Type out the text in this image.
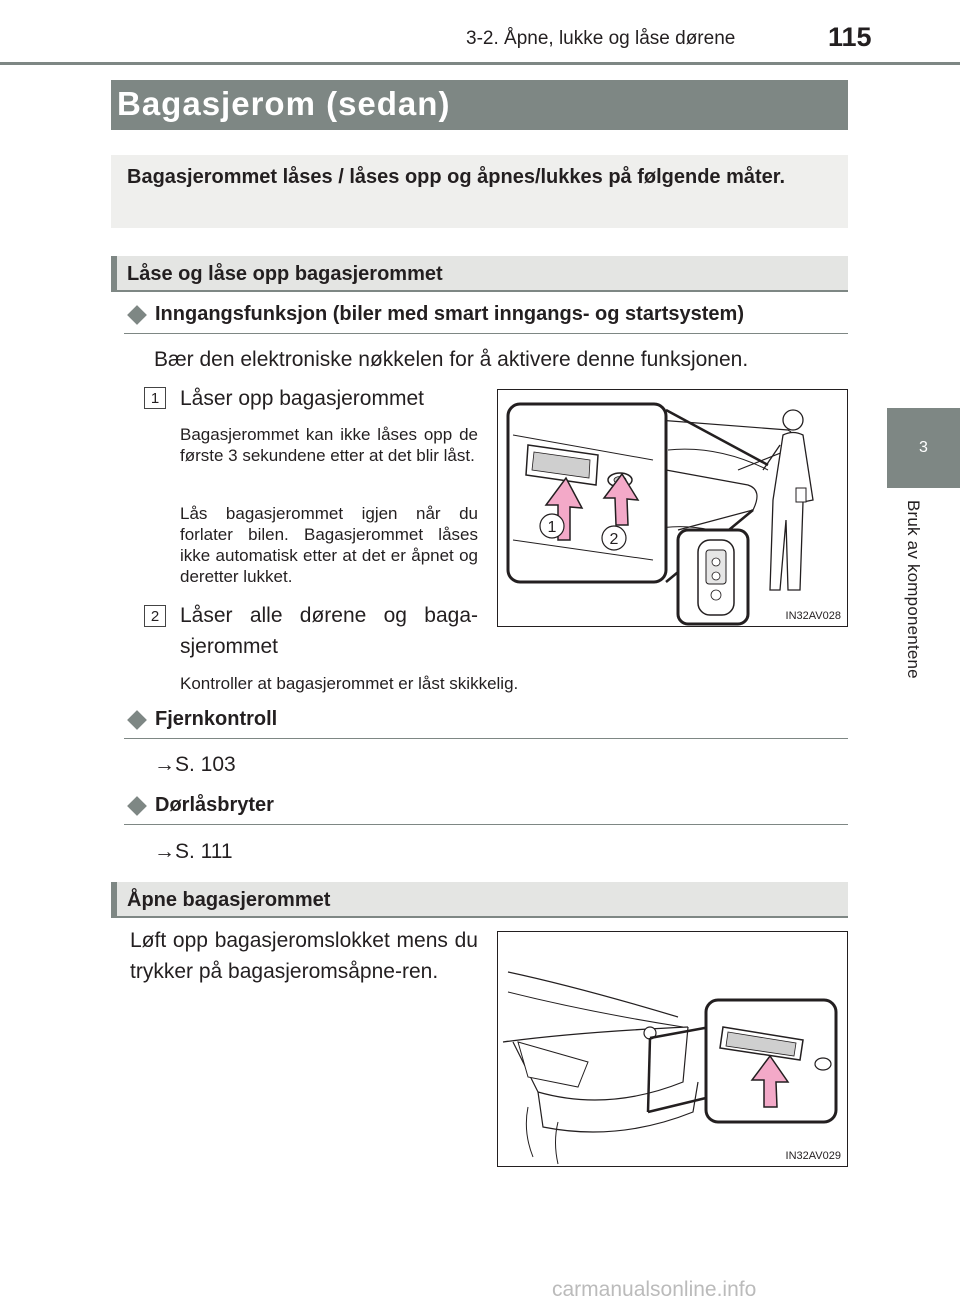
3-2. Åpne, lukke og låse dørene	115
3
Bruk av komponentene
Bagasjerom (sedan)
Bagasjerommet låses / låses opp og åpnes/lukkes på følgende måter.
Låse og låse opp bagasjerommet
Inngangsfunksjon (biler med smart inngangs- og startsystem)
Bær den elektroniske nøkkelen for å aktivere denne funksjonen.
1 Låser opp bagasjerommet
Bagasjerommet kan ikke låses opp de første 3 sekundene etter at det blir låst.
Lås bagasjerommet igjen når du forlater bilen. Bagasjerommet låses ikke automatisk etter at det er åpnet og deretter lukket.
2 Låser alle dørene og baga-
sjerommet
Kontroller at bagasjerommet er låst skikkelig.
1
2
IN32AV028
Fjernkontroll
→S. 103
Dørlåsbryter
→S. 111
Åpne bagasjerommet
Løft opp bagasjeromslokket mens du trykker på bagasjeromsåpne-ren.
IN32AV029
carmanualsonline.info
